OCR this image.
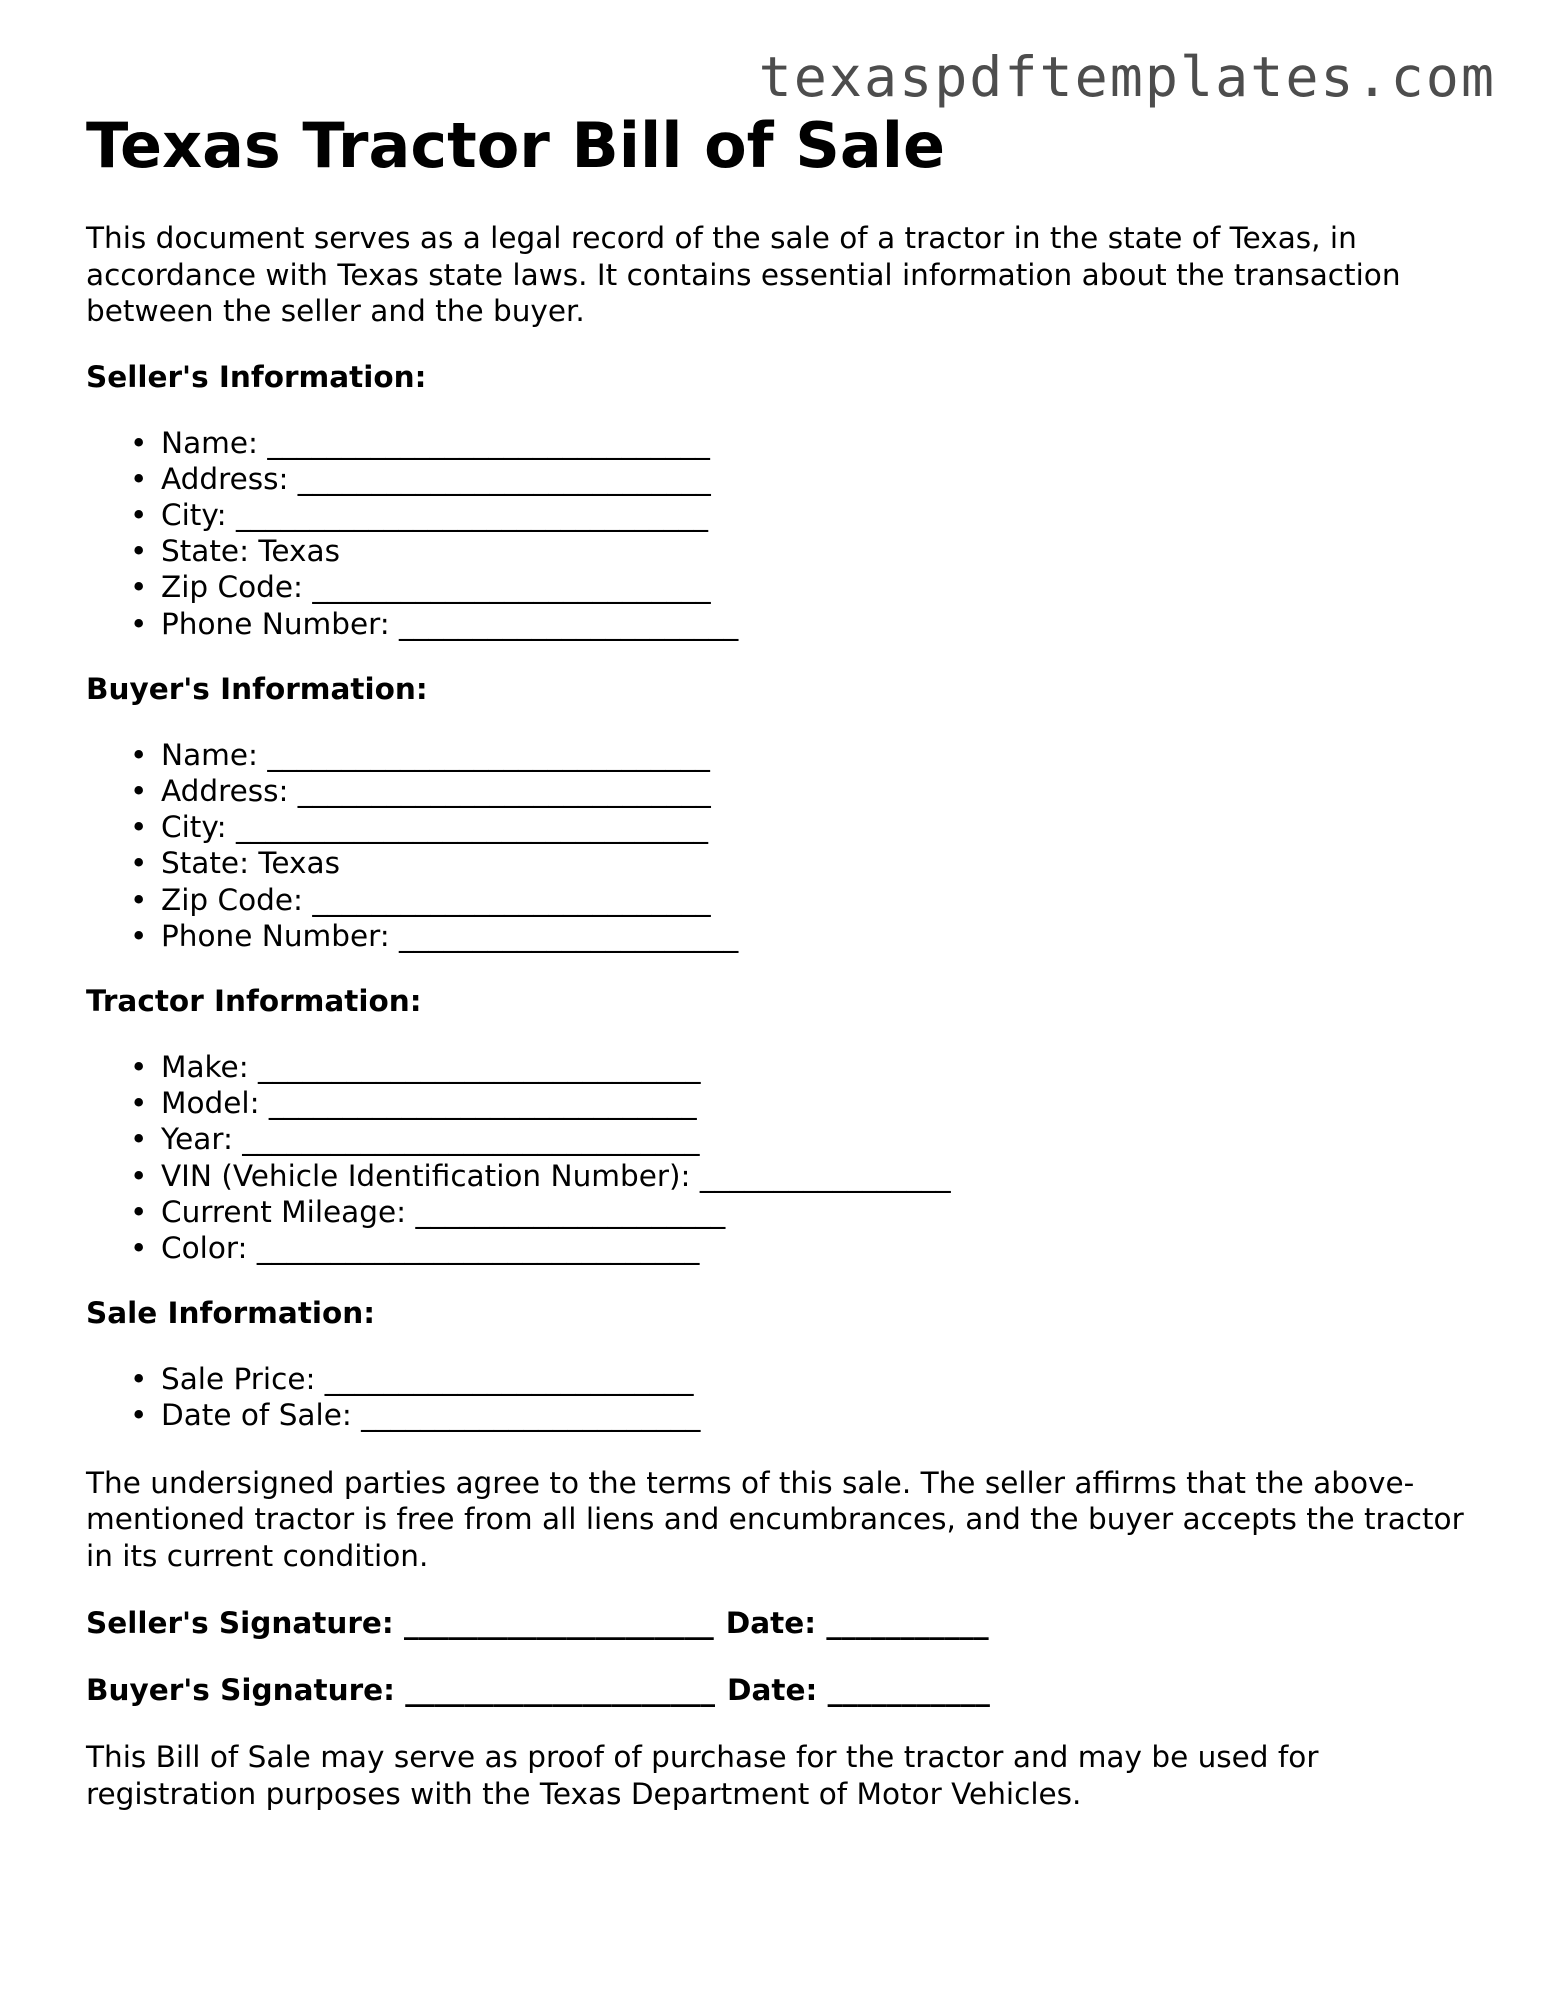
texaspdftemplates.com
Texas Tractor Bill of Sale

This document serves as a legal record of the sale of a tractor in the state of Texas, in accordance with Texas state laws. It contains essential information about the transaction between the seller and the buyer.

Seller's Information:
• Name: ______________________________
• Address: ____________________________
• City: ________________________________
• State: Texas
• Zip Code: ___________________________
• Phone Number: _______________________
Buyer's Information:
• Name: ______________________________
• Address: ____________________________
• City: ________________________________
• State: Texas
• Zip Code: ___________________________
• Phone Number: _______________________
Tractor Information:
• Make: ______________________________
• Model: _____________________________
• Year: _______________________________
• VIN (Vehicle Identification Number): _________________
• Current Mileage: _____________________
• Color: ______________________________
Sale Information:
• Sale Price: _________________________
• Date of Sale: _______________________

The undersigned parties agree to the terms of this sale. The seller affirms that the above-mentioned tractor is free from all liens and encumbrances, and the buyer accepts the tractor in its current condition.

Seller's Signature: _____________________ Date: ___________
Buyer's Signature: _____________________ Date: ___________

This Bill of Sale may serve as proof of purchase for the tractor and may be used for registration purposes with the Texas Department of Motor Vehicles.
